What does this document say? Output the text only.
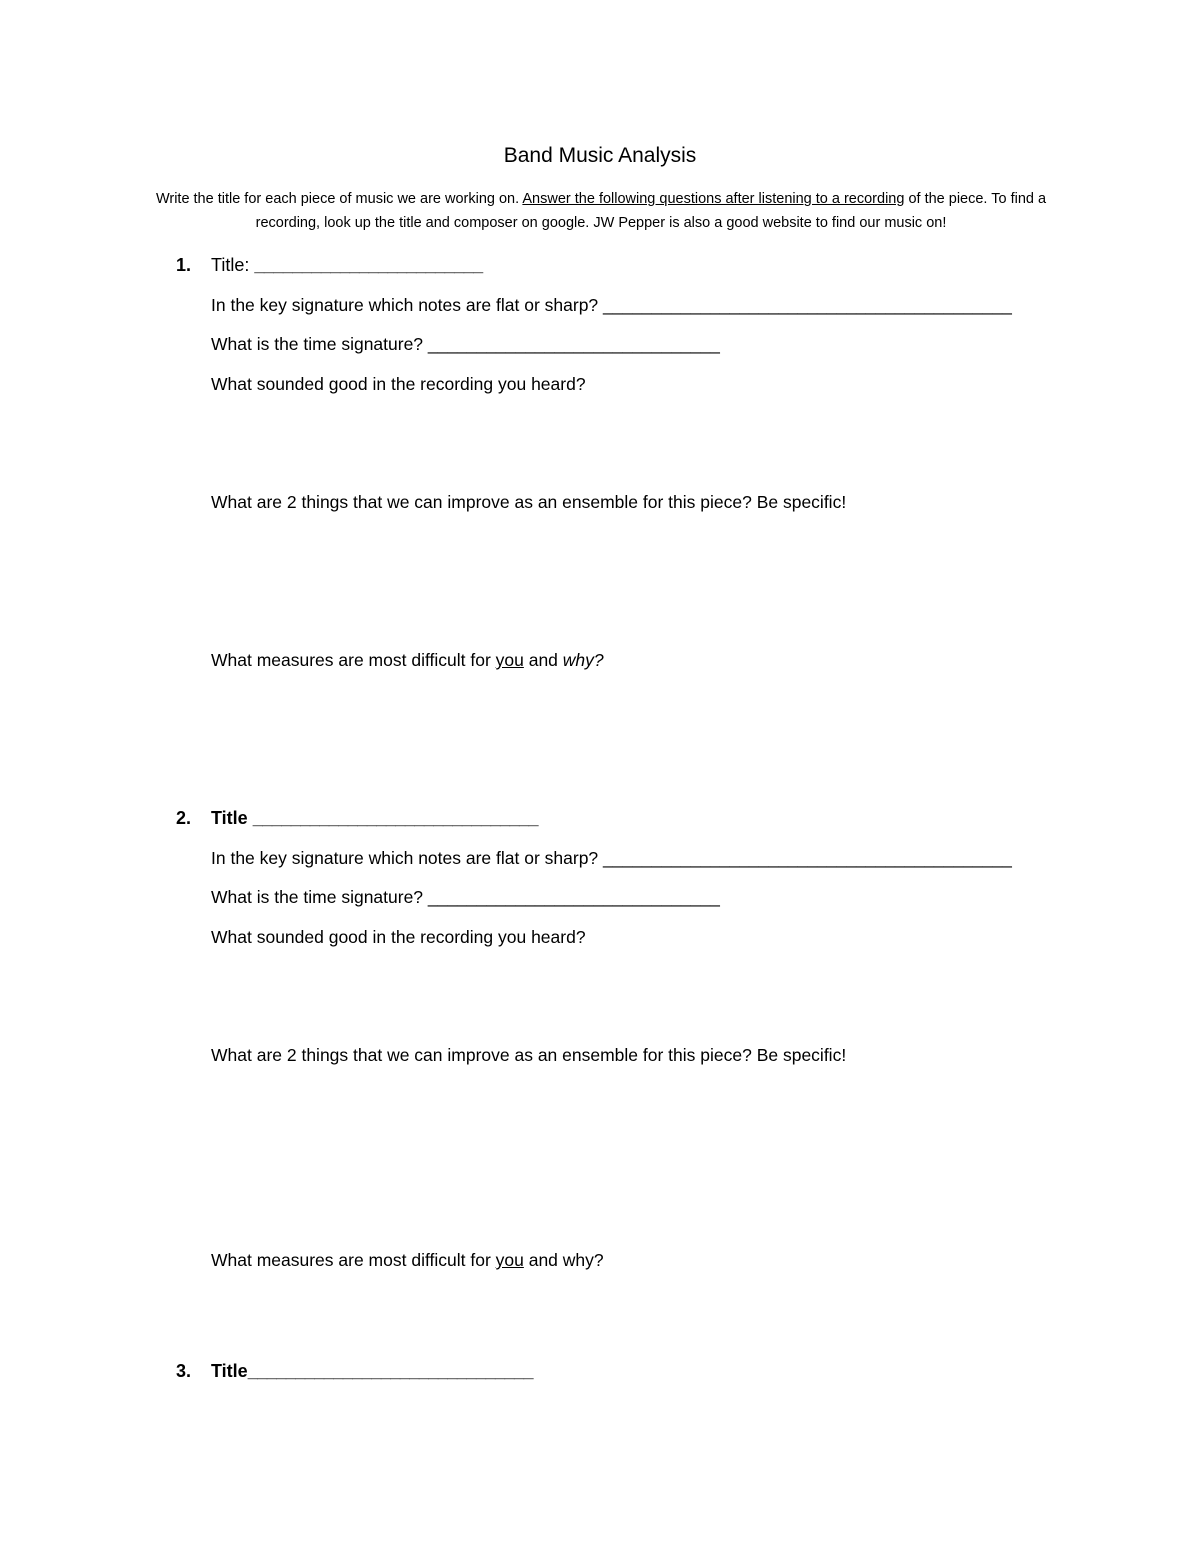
Band Music Analysis
Write the title for each piece of music we are working on. Answer the following questions after listening to a recording of the piece. To find a recording, look up the title and composer on google. JW Pepper is also a good website to find our music on!
1. Title: ________________________
In the key signature which notes are flat or sharp? __________________________________________
What is the time signature? ______________________________
What sounded good in the recording you heard?
What are 2 things that we can improve as an ensemble for this piece? Be specific!
What measures are most difficult for you and why?
2. Title ______________________________
In the key signature which notes are flat or sharp? __________________________________________
What is the time signature? ______________________________
What sounded good in the recording you heard?
What are 2 things that we can improve as an ensemble for this piece? Be specific!
What measures are most difficult for you and why?
3. Title______________________________
